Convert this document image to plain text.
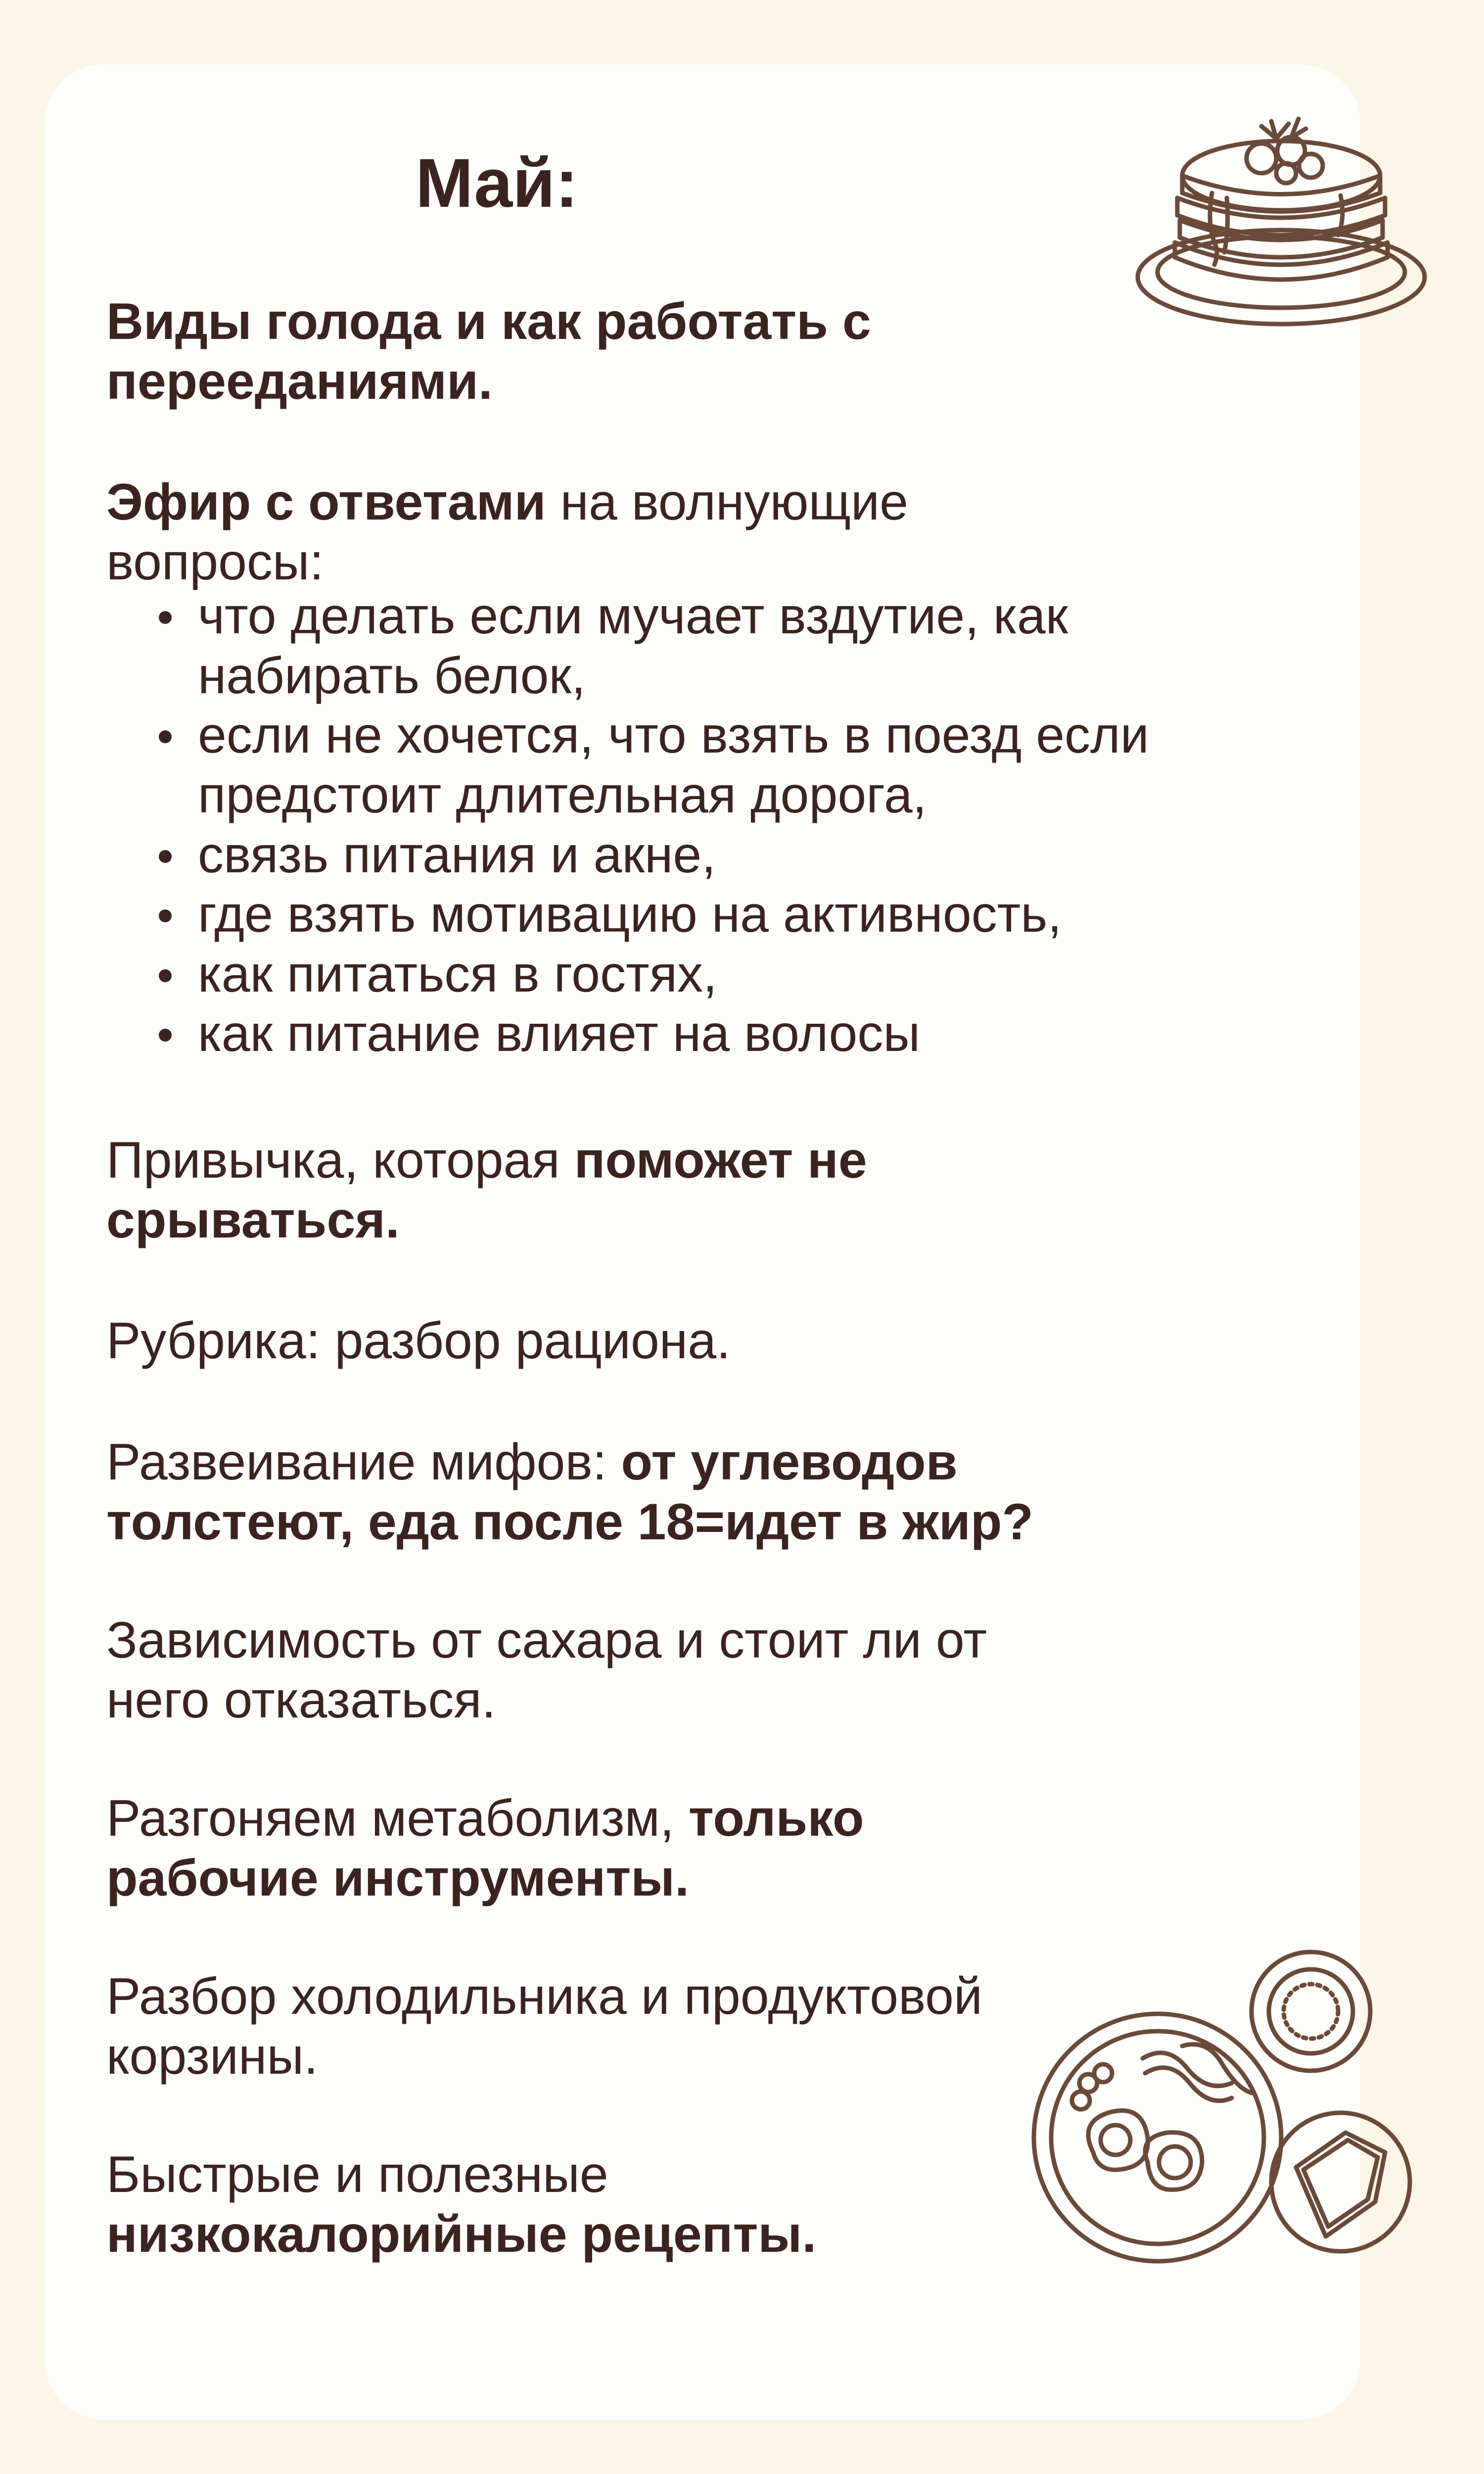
Май:

Виды голода и как работать с перееданиями.

Эфир с ответами на волнующие вопросы:

что делать если мучает вздутие, как набирать белок,
если не хочется, что взять в поезд если предстоит длительная дорога,
связь питания и акне,
где взять мотивацию на активность,
как питаться в гостях,
как питание влияет на волосы

Привычка, которая поможет не срываться.

Рубрика: разбор рациона.

Развеивание мифов: от углеводов толстеют, еда после 18=идет в жир?

Зависимость от сахара и стоит ли от него отказаться.

Разгоняем метаболизм, только рабочие инструменты.

Разбор холодильника и продуктовой корзины.

Быстрые и полезные низкокалорийные рецепты.
